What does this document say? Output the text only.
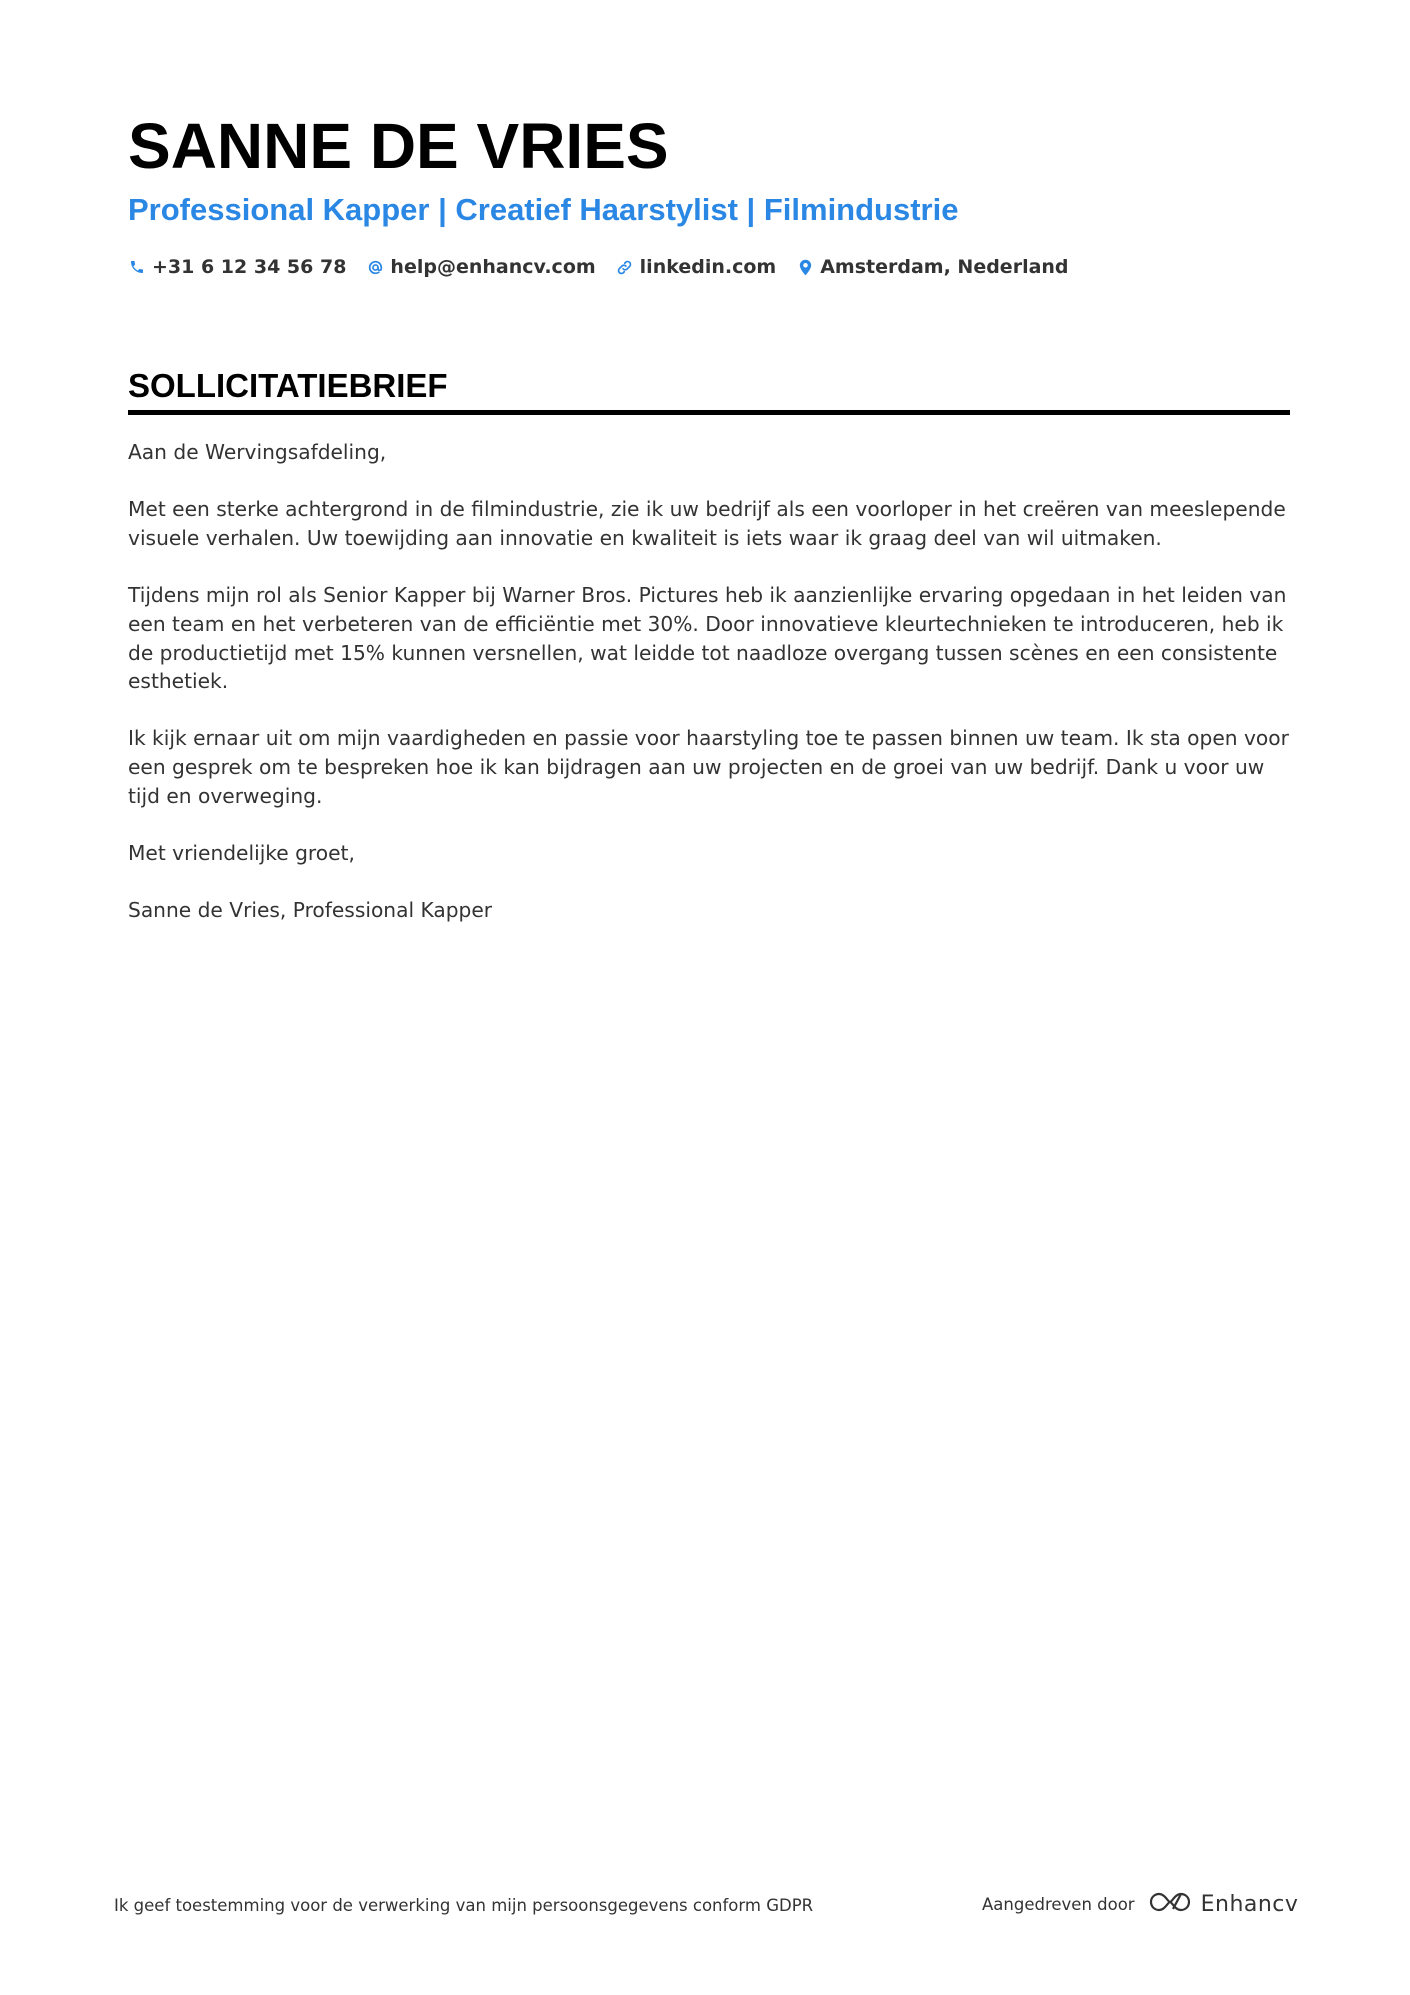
SANNE DE VRIES
Professional Kapper | Creatief Haarstylist | Filmindustrie
+31 6 12 34 56 78 help@enhancv.com linkedin.com Amsterdam, Nederland
SOLLICITATIEBRIEF

Aan de Wervingsafdeling,

Met een sterke achtergrond in de filmindustrie, zie ik uw bedrijf als een voorloper in het creëren van meeslepende visuele verhalen. Uw toewijding aan innovatie en kwaliteit is iets waar ik graag deel van wil uitmaken.

Tijdens mijn rol als Senior Kapper bij Warner Bros. Pictures heb ik aanzienlijke ervaring opgedaan in het leiden van een team en het verbeteren van de efficiëntie met 30%. Door innovatieve kleurtechnieken te introduceren, heb ik de productietijd met 15% kunnen versnellen, wat leidde tot naadloze overgang tussen scènes en een consistente esthetiek.

Ik kijk ernaar uit om mijn vaardigheden en passie voor haarstyling toe te passen binnen uw team. Ik sta open voor een gesprek om te bespreken hoe ik kan bijdragen aan uw projecten en de groei van uw bedrijf. Dank u voor uw tijd en overweging.

Met vriendelijke groet,

Sanne de Vries, Professional Kapper

Ik geef toestemming voor de verwerking van mijn persoonsgegevens conform GDPR	Aangedreven door	Enhancv
